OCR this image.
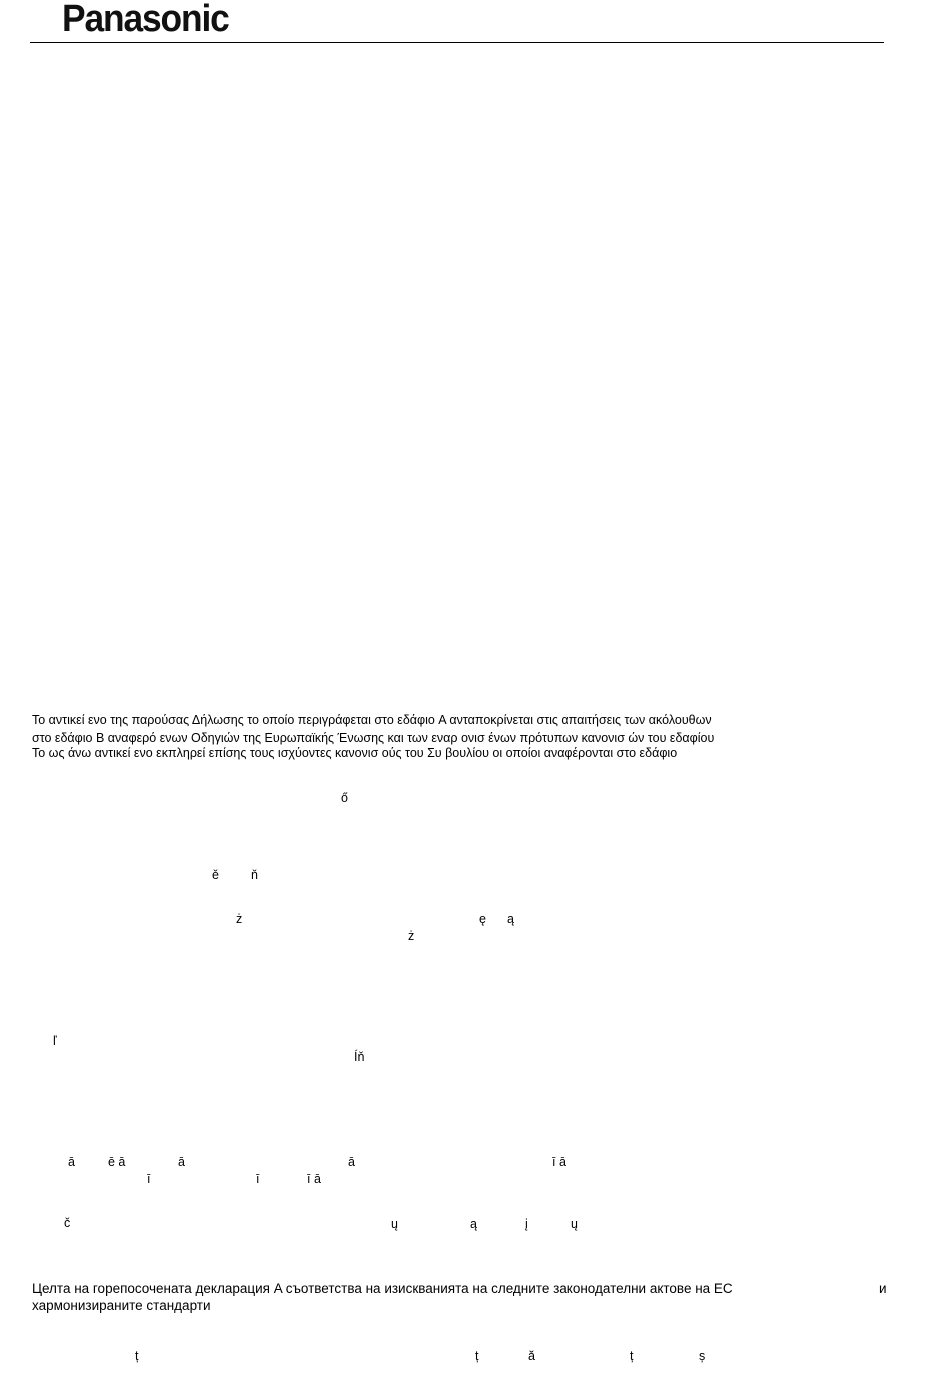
Panasonic
Το αντικεί ενο της παρούσας Δήλωσης το οποίο περιγράφεται στο εδάφιο A ανταποκρίνεται στις απαιτήσεις των ακόλουθων
στο εδάφιο B αναφερό ενων Οδηγιών της Ευρωπαϊκής Ένωσης και των εναρ ονισ ένων πρότυπων κανονισ ών του εδαφίου
Το ως άνω αντικεί ενο εκπληρεί επίσης τους ισχύοντες κανονισ ούς του Συ βουλίου οι οποίοι αναφέρονται στο εδάφιο
ő
ě	ň
ż	ę ą
ż
ľ
Íň
ā	ē ā	ā	ā	ī ā
ī	ī	ī ā
č	ų	ą	į	ų
Целта на горепосочената декларация A съответства на изискванията на следните законодателни актове на ЕС	и
хармонизираните стандарти
ț	ț	ă	ț	ș
